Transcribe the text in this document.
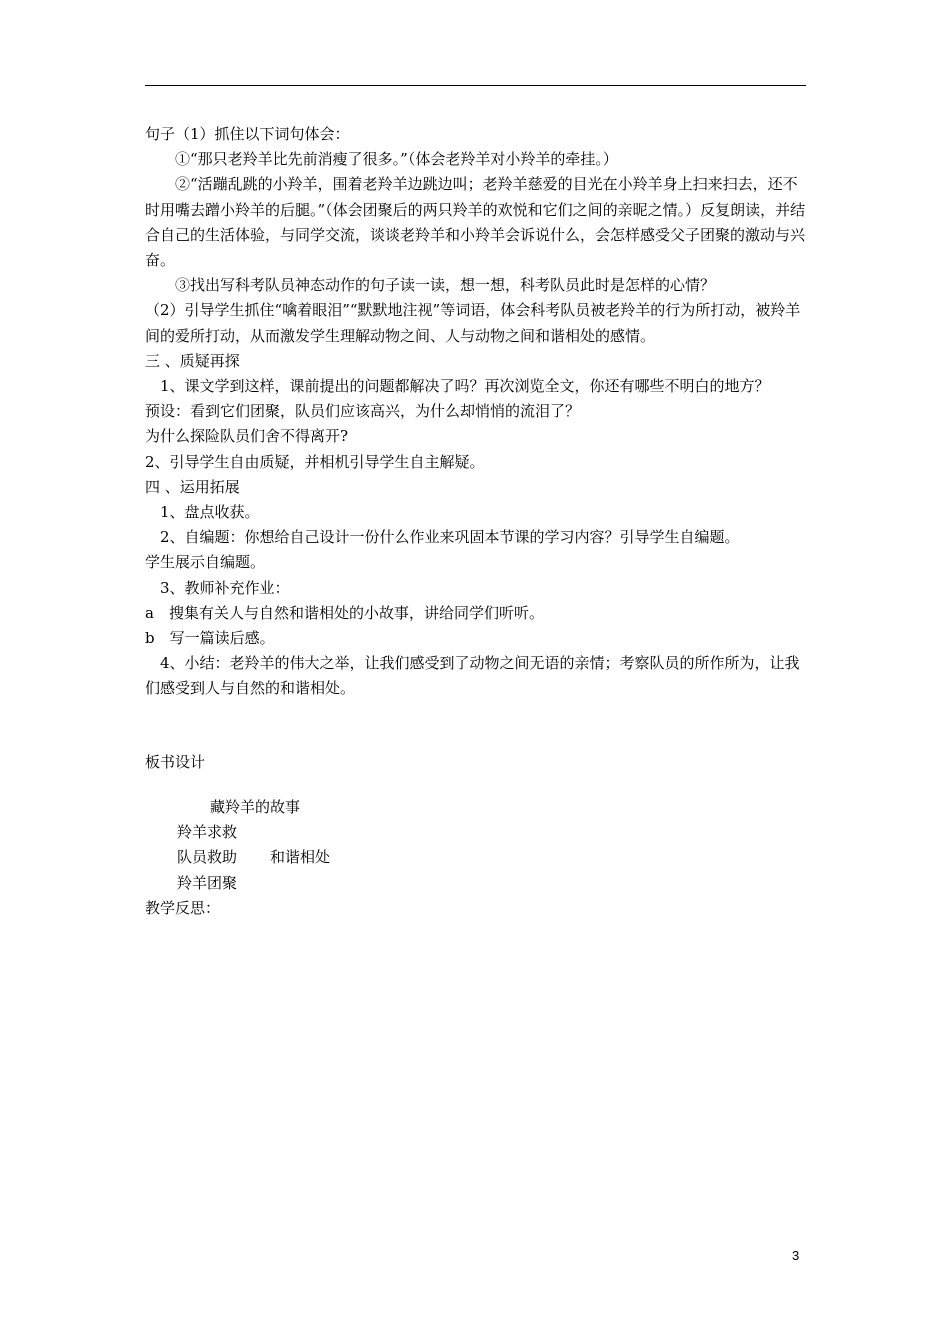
句子（1）抓住以下词句体会：

①“那只老羚羊比先前消瘦了很多。”（体会老羚羊对小羚羊的牵挂。）

②“活蹦乱跳的小羚羊，围着老羚羊边跳边叫；老羚羊慈爱的目光在小羚羊身上扫来扫去，还不时用嘴去蹭小羚羊的后腿。”（体会团聚后的两只羚羊的欢悦和它们之间的亲昵之情。）反复朗读，并结合自己的生活体验，与同学交流，谈谈老羚羊和小羚羊会诉说什么，会怎样感受父子团聚的激动与兴奋。

③找出写科考队员神态动作的句子读一读，想一想，科考队员此时是怎样的心情？

（2）引导学生抓住“噙着眼泪”“默默地注视”等词语，体会科考队员被老羚羊的行为所打动，被羚羊间的爱所打动，从而激发学生理解动物之间、人与动物之间和谐相处的感情。

三 、质疑再探

1、课文学到这样，课前提出的问题都解决了吗？再次浏览全文，你还有哪些不明白的地方？

预设：看到它们团聚，队员们应该高兴，为什么却悄悄的流泪了？

为什么探险队员们舍不得离开?

2、引导学生自由质疑，并相机引导学生自主解疑。

四 、运用拓展

1、盘点收获。

2、自编题：你想给自己设计一份什么作业来巩固本节课的学习内容？引导学生自编题。

学生展示自编题。

3、教师补充作业：

a　搜集有关人与自然和谐相处的小故事，讲给同学们听听。

b　写一篇读后感。

4、小结：老羚羊的伟大之举，让我们感受到了动物之间无语的亲情；考察队员的所作所为，让我们感受到人与自然的和谐相处。

板书设计

藏羚羊的故事

羚羊求救

队员救助 和谐相处

羚羊团聚

教学反思：

3
